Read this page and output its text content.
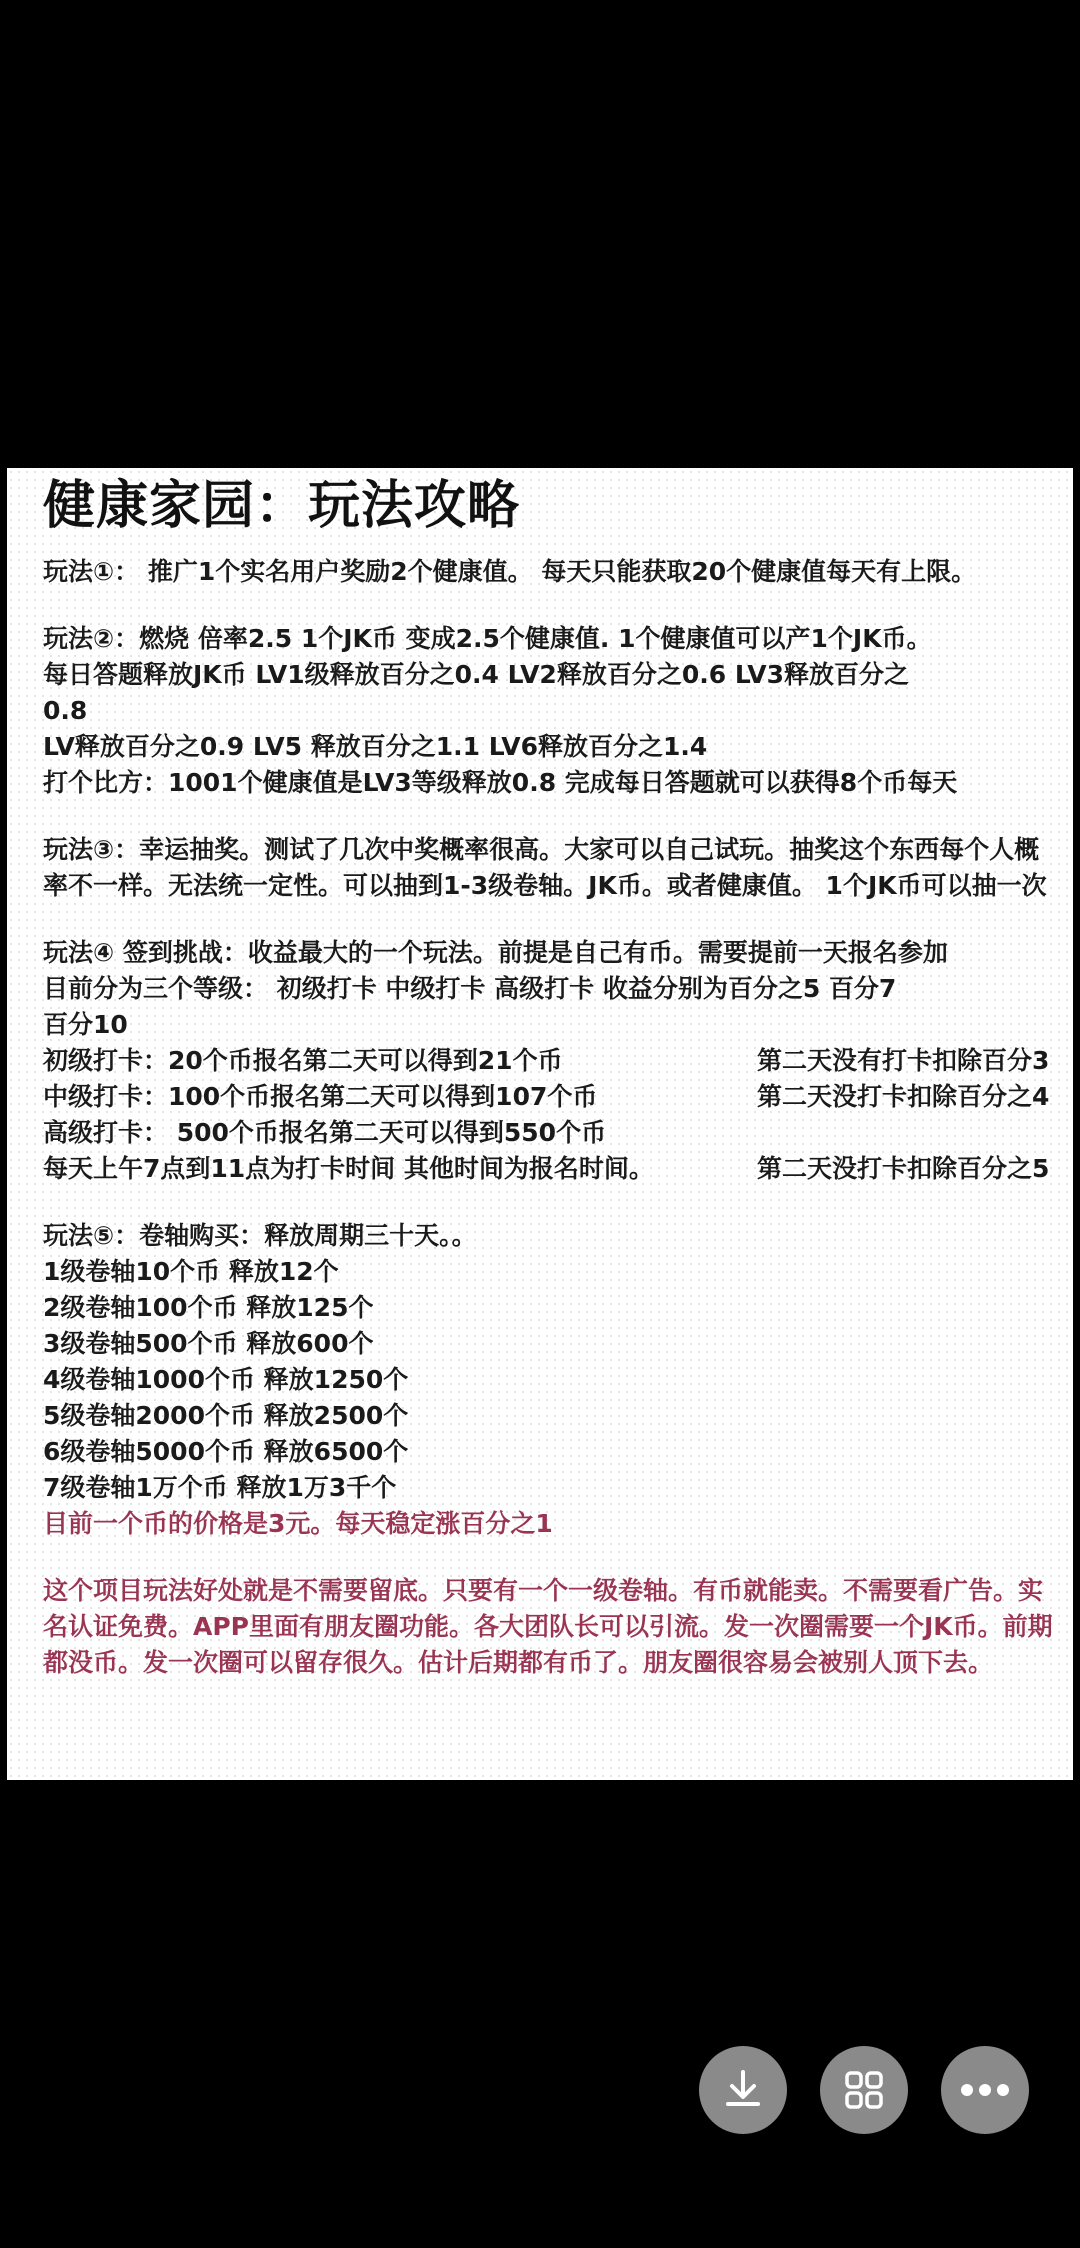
健康家园：玩法攻略
玩法①： 推广1个实名用户奖励2个健康值。 每天只能获取20个健康值每天有上限。
玩法②：燃烧 倍率2.5 1个JK币 变成2.5个健康值. 1个健康值可以产1个JK币。
每日答题释放JK币 LV1级释放百分之0.4 LV2释放百分之0.6 LV3释放百分之
0.8
LV释放百分之0.9 LV5 释放百分之1.1 LV6释放百分之1.4
打个比方：1001个健康值是LV3等级释放0.8 完成每日答题就可以获得8个币每天
玩法③：幸运抽奖。测试了几次中奖概率很高。大家可以自己试玩。抽奖这个东西每个人概率不一样。无法统一定性。可以抽到1-3级卷轴。JK币。或者健康值。 1个JK币可以抽一次
玩法④ 签到挑战：收益最大的一个玩法。前提是自己有币。需要提前一天报名参加
目前分为三个等级： 初级打卡 中级打卡 高级打卡 收益分别为百分之5 百分7
百分10
初级打卡：20个币报名第二天可以得到21个币	第二天没有打卡扣除百分3
中级打卡：100个币报名第二天可以得到107个币	第二天没打卡扣除百分之4
高级打卡： 500个币报名第二天可以得到550个币
每天上午7点到11点为打卡时间 其他时间为报名时间。	第二天没打卡扣除百分之5
玩法⑤：卷轴购买：释放周期三十天。。
1级卷轴10个币 释放12个
2级卷轴100个币 释放125个
3级卷轴500个币 释放600个
4级卷轴1000个币 释放1250个
5级卷轴2000个币 释放2500个
6级卷轴5000个币 释放6500个
7级卷轴1万个币 释放1万3千个
目前一个币的价格是3元。每天稳定涨百分之1
这个项目玩法好处就是不需要留底。只要有一个一级卷轴。有币就能卖。不需要看广告。实名认证免费。APP里面有朋友圈功能。各大团队长可以引流。发一次圈需要一个JK币。前期都没币。发一次圈可以留存很久。估计后期都有币了。朋友圈很容易会被别人顶下去。
